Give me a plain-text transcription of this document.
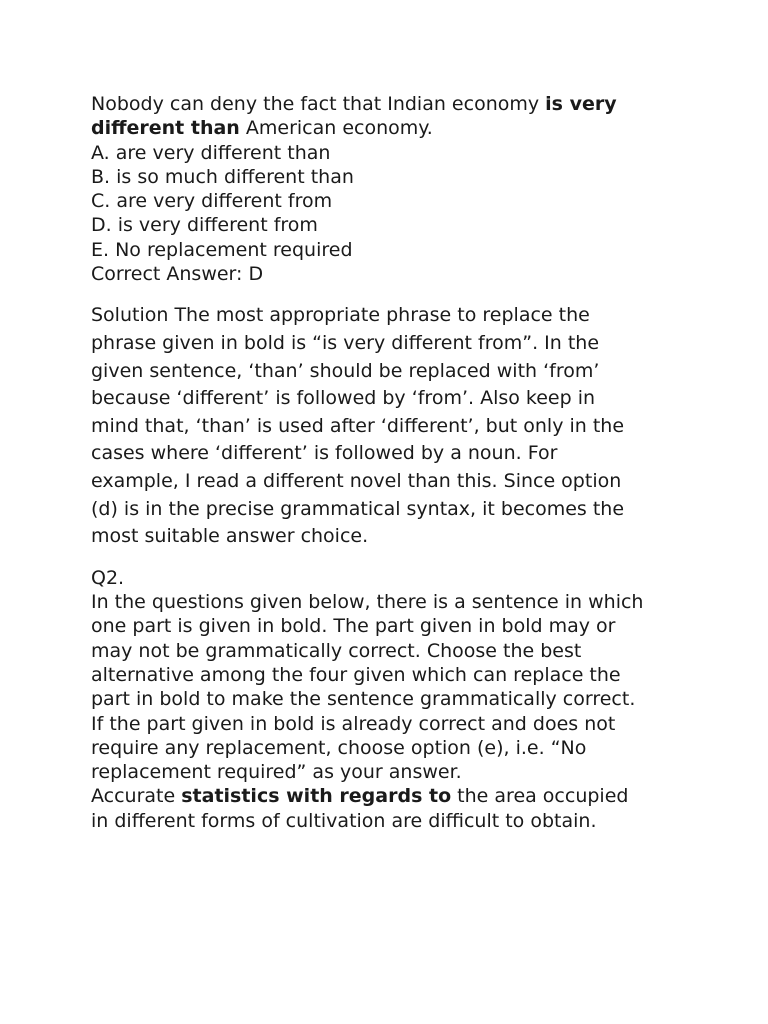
Nobody can deny the fact that Indian economy is very
different than American economy.
A. are very different than
B. is so much different than
C. are very different from
D. is very different from
E. No replacement required
Correct Answer: D
Solution The most appropriate phrase to replace the
phrase given in bold is “is very different from”. In the
given sentence, ‘than’ should be replaced with ‘from’
because ‘different’ is followed by ‘from’. Also keep in
mind that, ‘than’ is used after ‘different’, but only in the
cases where ‘different’ is followed by a noun. For
example, I read a different novel than this. Since option
(d) is in the precise grammatical syntax, it becomes the
most suitable answer choice.
Q2.
In the questions given below, there is a sentence in which
one part is given in bold. The part given in bold may or
may not be grammatically correct. Choose the best
alternative among the four given which can replace the
part in bold to make the sentence grammatically correct.
If the part given in bold is already correct and does not
require any replacement, choose option (e), i.e. “No
replacement required” as your answer.
Accurate statistics with regards to the area occupied
in different forms of cultivation are difficult to obtain.
